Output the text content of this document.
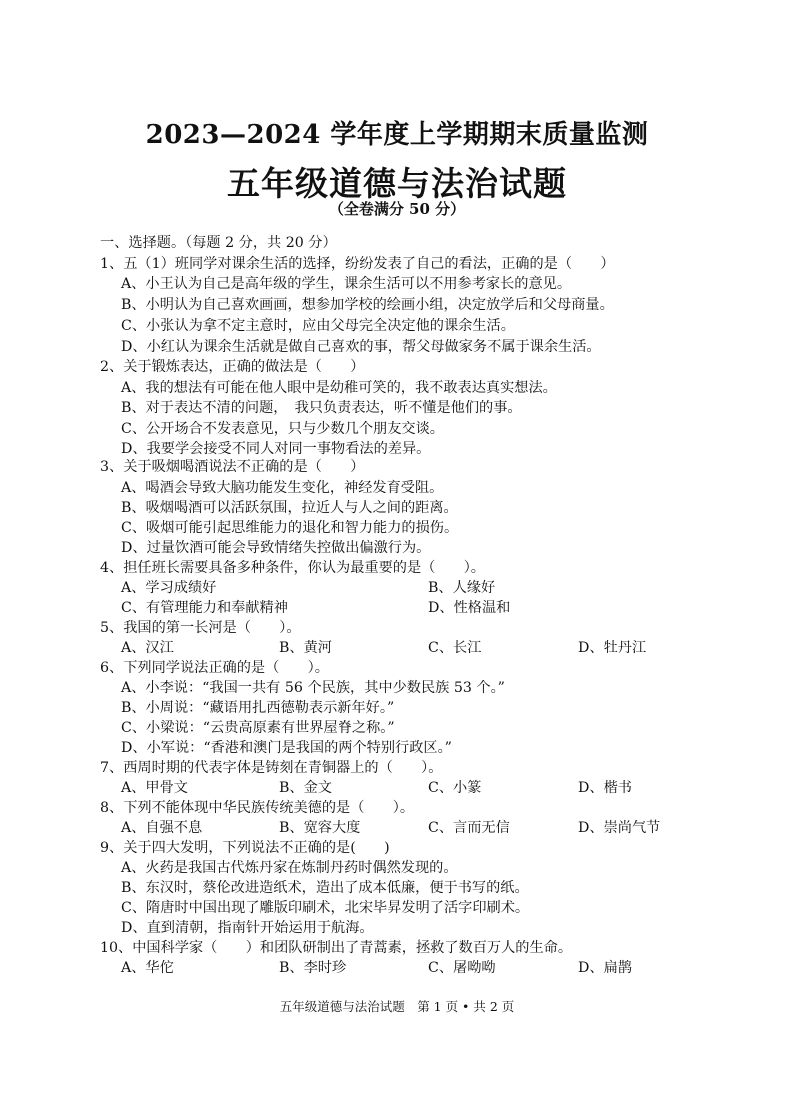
2023—2024 学年度上学期期末质量监测
五年级道德与法治试题
（全卷满分 50 分）
一、选择题。（每题 2 分，共 20 分）
1、五（1）班同学对课余生活的选择，纷纷发表了自己的看法，正确的是（　　）
A、小王认为自己是高年级的学生，课余生活可以不用参考家长的意见。
B、小明认为自己喜欢画画，想参加学校的绘画小组，决定放学后和父母商量。
C、小张认为拿不定主意时，应由父母完全决定他的课余生活。
D、小红认为课余生活就是做自己喜欢的事，帮父母做家务不属于课余生活。
2、关于锻炼表达，正确的做法是（　　）
A、我的想法有可能在他人眼中是幼稚可笑的，我不敢表达真实想法。
B、对于表达不清的问题，　我只负责表达，听不懂是他们的事。
C、公开场合不发表意见，只与少数几个朋友交谈。
D、我要学会接受不同人对同一事物看法的差异。
3、关于吸烟喝酒说法不正确的是（　　）
A、喝酒会导致大脑功能发生变化，神经发育受阻。
B、吸烟喝酒可以活跃氛围，拉近人与人之间的距离。
C、吸烟可能引起思维能力的退化和智力能力的损伤。
D、过量饮酒可能会导致情绪失控做出偏激行为。
4、担任班长需要具备多种条件，你认为最重要的是（　　）。
A、学习成绩好	B、人缘好
C、有管理能力和奉献精神	D、性格温和
5、我国的第一长河是（　　）。
A、汉江	B、黄河	C、长江	D、牡丹江
6、下列同学说法正确的是（　　）。
A、小李说：“我国一共有 56 个民族，其中少数民族 53 个。”
B、小周说：“藏语用扎西德勒表示新年好。”
C、小梁说：“云贵高原素有世界屋脊之称。”
D、小军说：“香港和澳门是我国的两个特别行政区。”
7、西周时期的代表字体是铸刻在青铜器上的（　　）。
A、甲骨文	B、金文	C、小篆	D、楷书
8、下列不能体现中华民族传统美德的是（　　）。
A、自强不息	B、宽容大度	C、言而无信	D、崇尚气节
9、关于四大发明，下列说法不正确的是(　　)
A、火药是我国古代炼丹家在炼制丹药时偶然发现的。
B、东汉时，蔡伦改进造纸术，造出了成本低廉，便于书写的纸。
C、隋唐时中国出现了雕版印刷术，北宋毕昇发明了活字印刷术。
D、直到清朝，指南针开始运用于航海。
10、中国科学家（　　）和团队研制出了青蒿素，拯救了数百万人的生命。
A、华佗	B、李时珍	C、屠呦呦	D、扁鹊
五年级道德与法治试题　第 1 页 • 共 2 页
